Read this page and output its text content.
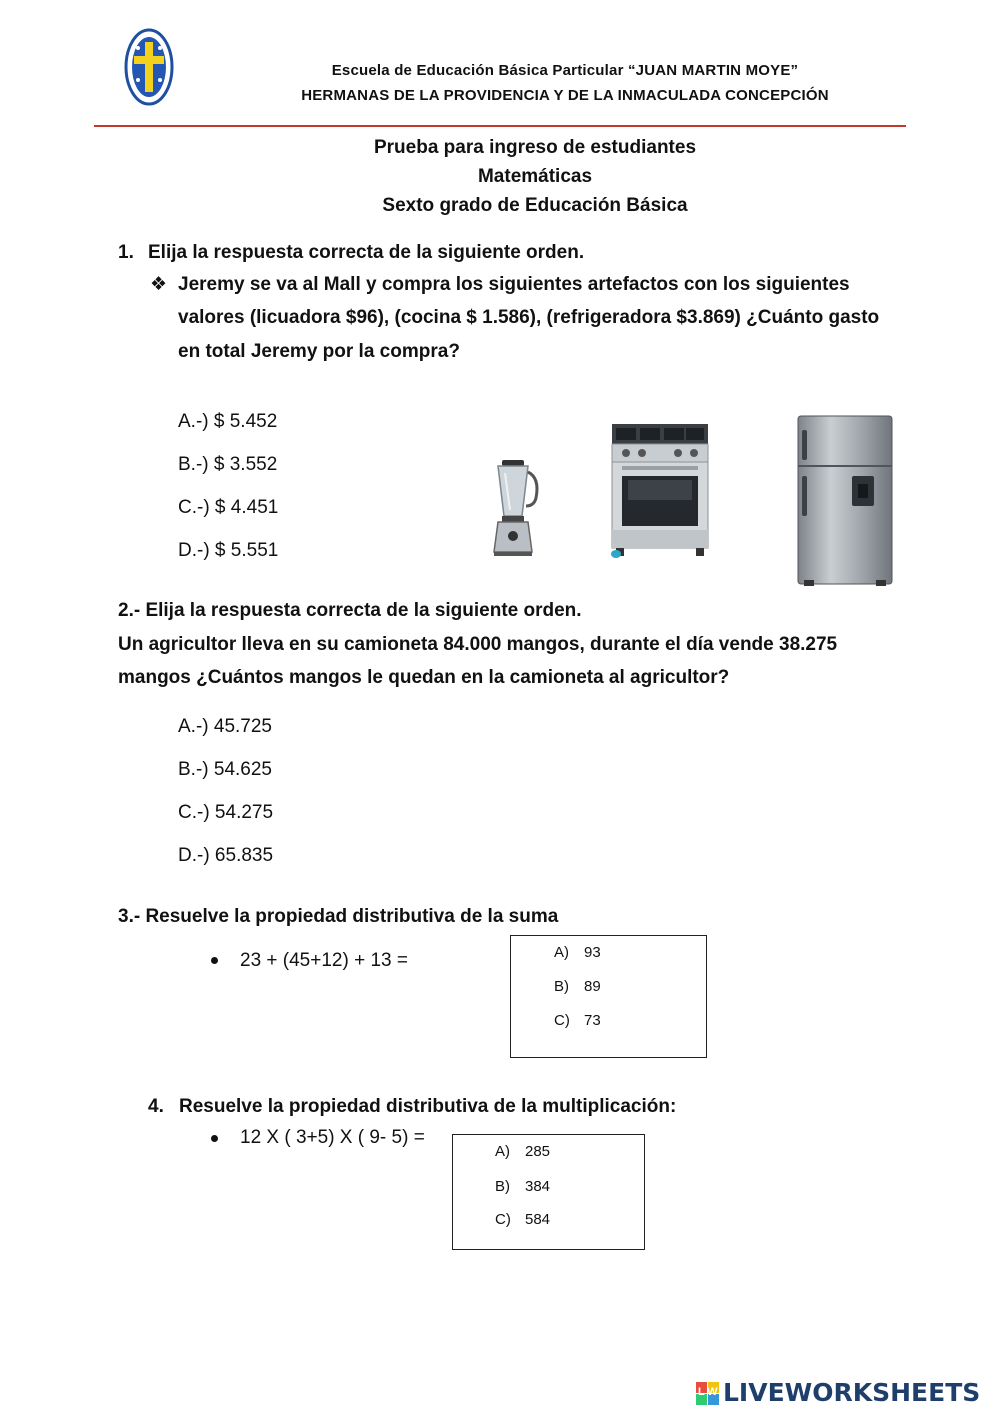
Escuela de Educación Básica Particular “JUAN MARTIN MOYE”
HERMANAS DE LA PROVIDENCIA Y DE LA INMACULADA CONCEPCIÓN
Prueba para ingreso de estudiantes
Matemáticas
Sexto grado de Educación Básica
1. Elija la respuesta correcta de la siguiente orden.
❖ Jeremy se va al Mall y compra los siguientes artefactos con los siguientes
valores (licuadora $96), (cocina $ 1.586), (refrigeradora $3.869) ¿Cuánto gasto
en total Jeremy por la compra?
A.-) $ 5.452
B.-) $ 3.552
C.-) $ 4.451
D.-) $ 5.551
2.- Elija la respuesta correcta de la siguiente orden.
Un agricultor lleva en su camioneta 84.000 mangos, durante el día vende 38.275
mangos ¿Cuántos mangos le quedan en la camioneta al agricultor?
A.-) 45.725
B.-) 54.625
C.-) 54.275
D.-) 65.835
3.- Resuelve la propiedad distributiva de la suma
23 + (45+12) + 13 =	A) 93
B) 89
C) 73
4. Resuelve la propiedad distributiva de la multiplicación:
12 X ( 3+5) X ( 9- 5) =
A) 285
B) 384
C) 584
LW LIVEWORKSHEETS
